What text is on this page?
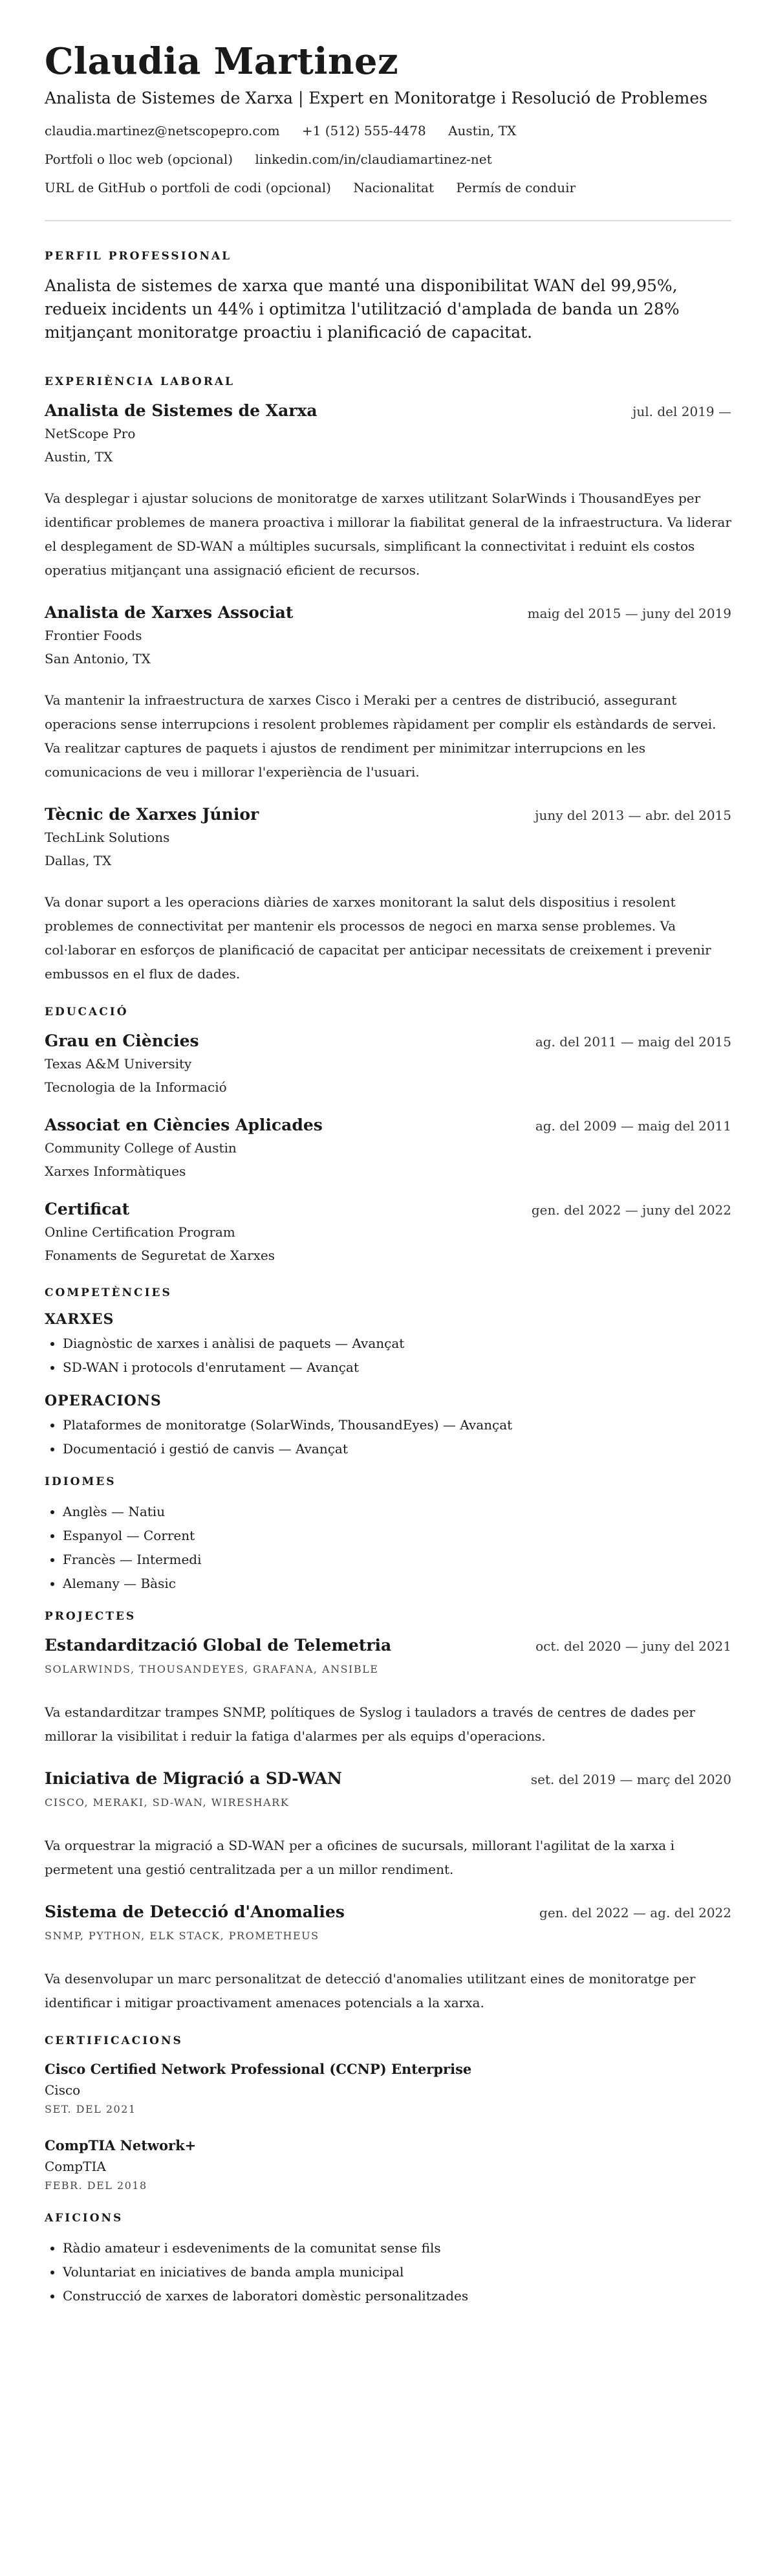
Claudia Martinez
Analista de Sistemes de Xarxa | Expert en Monitoratge i Resolució de Problemes
claudia.martinez@netscopepro.com +1 (512) 555-4478 Austin, TX
Portfoli o lloc web (opcional) linkedin.com/in/claudiamartinez-net
URL de GitHub o portfoli de codi (opcional) Nacionalitat Permís de conduir
PERFIL PROFESSIONAL
Analista de sistemes de xarxa que manté una disponibilitat WAN del 99,95%, redueix incidents un 44% i optimitza l'utilització d'amplada de banda un 28% mitjançant monitoratge proactiu i planificació de capacitat.
EXPERIÈNCIA LABORAL
Analista de Sistemes de Xarxa	jul. del 2019 —
NetScope Pro
Austin, TX
Va desplegar i ajustar solucions de monitoratge de xarxes utilitzant SolarWinds i ThousandEyes per identificar problemes de manera proactiva i millorar la fiabilitat general de la infraestructura. Va liderar el desplegament de SD-WAN a múltiples sucursals, simplificant la connectivitat i reduint els costos operatius mitjançant una assignació eficient de recursos.
Analista de Xarxes Associat	maig del 2015 — juny del 2019
Frontier Foods
San Antonio, TX
Va mantenir la infraestructura de xarxes Cisco i Meraki per a centres de distribució, assegurant operacions sense interrupcions i resolent problemes ràpidament per complir els estàndards de servei. Va realitzar captures de paquets i ajustos de rendiment per minimitzar interrupcions en les comunicacions de veu i millorar l'experiència de l'usuari.
Tècnic de Xarxes Júnior	juny del 2013 — abr. del 2015
TechLink Solutions
Dallas, TX
Va donar suport a les operacions diàries de xarxes monitorant la salut dels dispositius i resolent problemes de connectivitat per mantenir els processos de negoci en marxa sense problemes. Va col·laborar en esforços de planificació de capacitat per anticipar necessitats de creixement i prevenir embussos en el flux de dades.
EDUCACIÓ
Grau en Ciències	ag. del 2011 — maig del 2015
Texas A&M University
Tecnologia de la Informació
Associat en Ciències Aplicades	ag. del 2009 — maig del 2011
Community College of Austin
Xarxes Informàtiques
Certificat	gen. del 2022 — juny del 2022
Online Certification Program
Fonaments de Seguretat de Xarxes
COMPETÈNCIES
XARXES
• Diagnòstic de xarxes i anàlisi de paquets — Avançat
• SD-WAN i protocols d'enrutament — Avançat
OPERACIONS
• Plataformes de monitoratge (SolarWinds, ThousandEyes) — Avançat
• Documentació i gestió de canvis — Avançat
IDIOMES
• Anglès — Natiu
• Espanyol — Corrent
• Francès — Intermedi
• Alemany — Bàsic
PROJECTES
Estandardització Global de Telemetria	oct. del 2020 — juny del 2021
SOLARWINDS, THOUSANDEYES, GRAFANA, ANSIBLE
Va estandarditzar trampes SNMP, polítiques de Syslog i tauladors a través de centres de dades per millorar la visibilitat i reduir la fatiga d'alarmes per als equips d'operacions.
Iniciativa de Migració a SD-WAN	set. del 2019 — març del 2020
CISCO, MERAKI, SD-WAN, WIRESHARK
Va orquestrar la migració a SD-WAN per a oficines de sucursals, millorant l'agilitat de la xarxa i permetent una gestió centralitzada per a un millor rendiment.
Sistema de Detecció d'Anomalies	gen. del 2022 — ag. del 2022
SNMP, PYTHON, ELK STACK, PROMETHEUS
Va desenvolupar un marc personalitzat de detecció d'anomalies utilitzant eines de monitoratge per identificar i mitigar proactivament amenaces potencials a la xarxa.
CERTIFICACIONS
Cisco Certified Network Professional (CCNP) Enterprise
Cisco
SET. DEL 2021
CompTIA Network+
CompTIA
FEBR. DEL 2018
AFICIONS
• Ràdio amateur i esdeveniments de la comunitat sense fils
• Voluntariat en iniciatives de banda ampla municipal
• Construcció de xarxes de laboratori domèstic personalitzades
